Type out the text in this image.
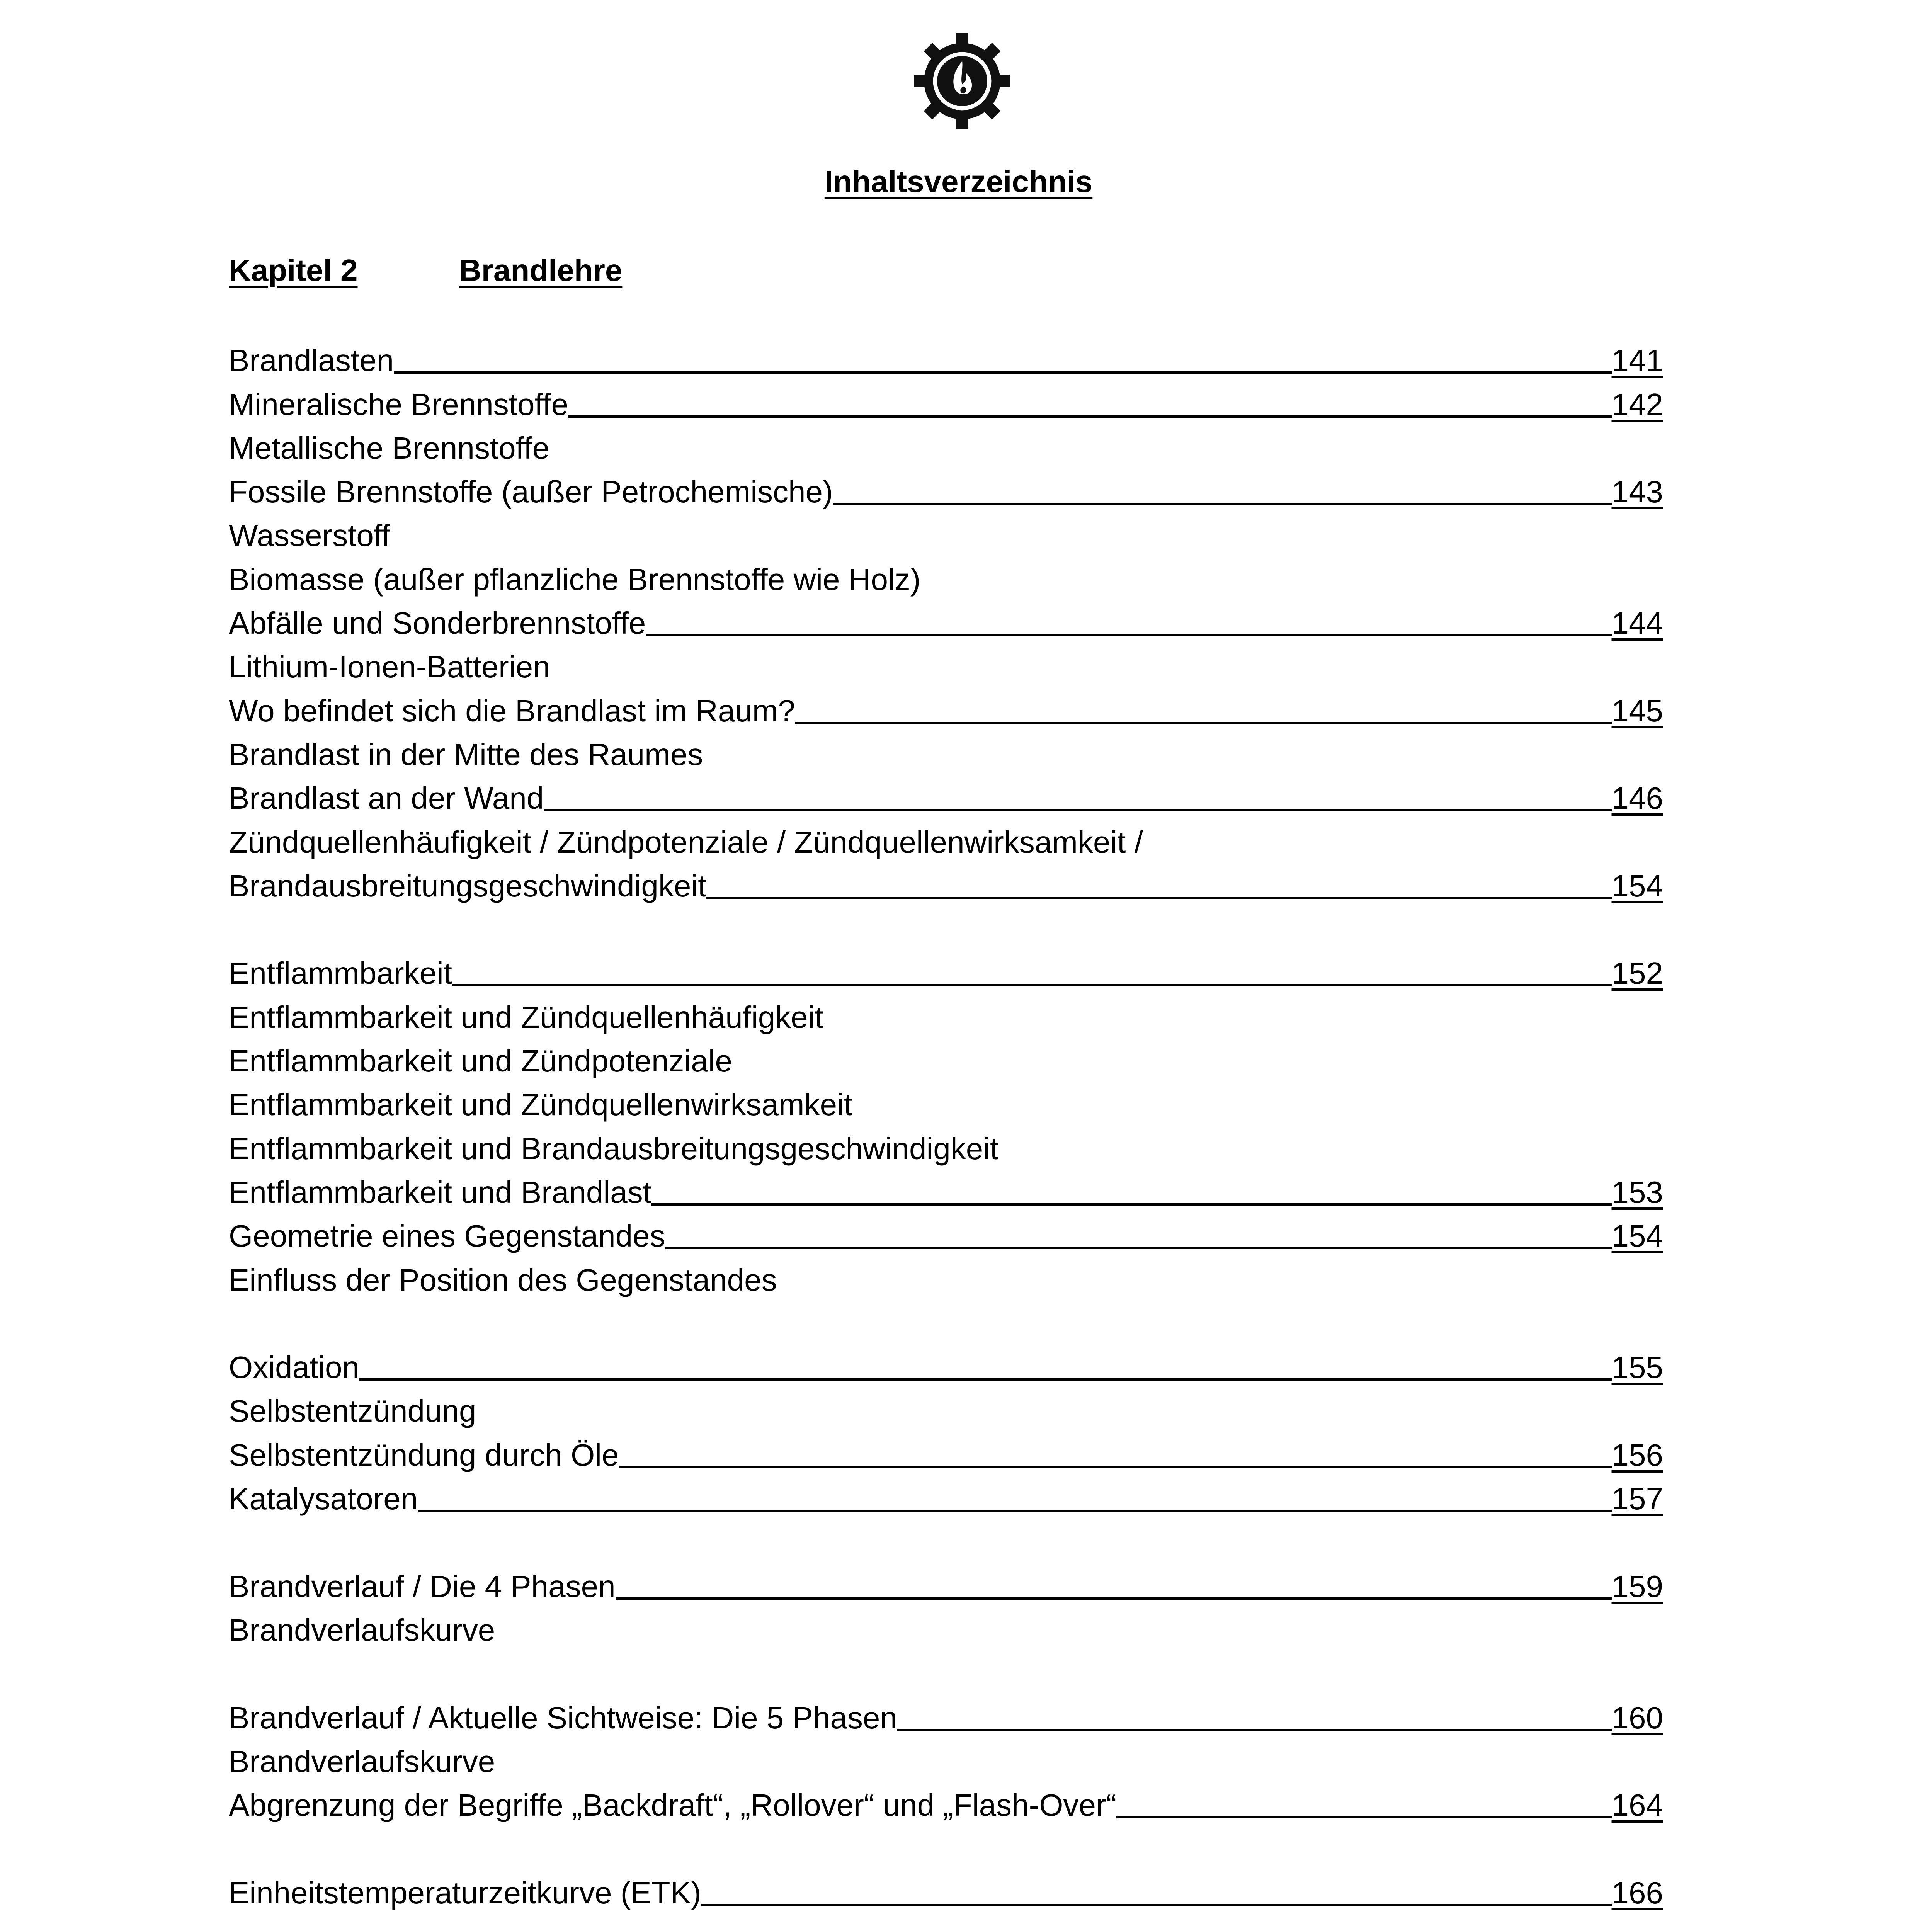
Inhaltsverzeichnis
Kapitel 2	Brandlehre
Brandlasten	141
Mineralische Brennstoffe	142
Metallische Brennstoffe
Fossile Brennstoffe (außer Petrochemische)	143
Wasserstoff
Biomasse (außer pflanzliche Brennstoffe wie Holz)
Abfälle und Sonderbrennstoffe	144
Lithium-Ionen-Batterien
Wo befindet sich die Brandlast im Raum?	145
Brandlast in der Mitte des Raumes
Brandlast an der Wand	146
Zündquellenhäufigkeit / Zündpotenziale / Zündquellenwirksamkeit /
Brandausbreitungsgeschwindigkeit	154
Entflammbarkeit	152
Entflammbarkeit und Zündquellenhäufigkeit
Entflammbarkeit und Zündpotenziale
Entflammbarkeit und Zündquellenwirksamkeit
Entflammbarkeit und Brandausbreitungsgeschwindigkeit
Entflammbarkeit und Brandlast	153
Geometrie eines Gegenstandes	154
Einfluss der Position des Gegenstandes
Oxidation	155
Selbstentzündung
Selbstentzündung durch Öle	156
Katalysatoren	157
Brandverlauf / Die 4 Phasen	159
Brandverlaufskurve
Brandverlauf / Aktuelle Sichtweise: Die 5 Phasen	160
Brandverlaufskurve
Abgrenzung der Begriffe „Backdraft“, „Rollover“ und „Flash-Over“	164
Einheitstemperaturzeitkurve (ETK)	166
